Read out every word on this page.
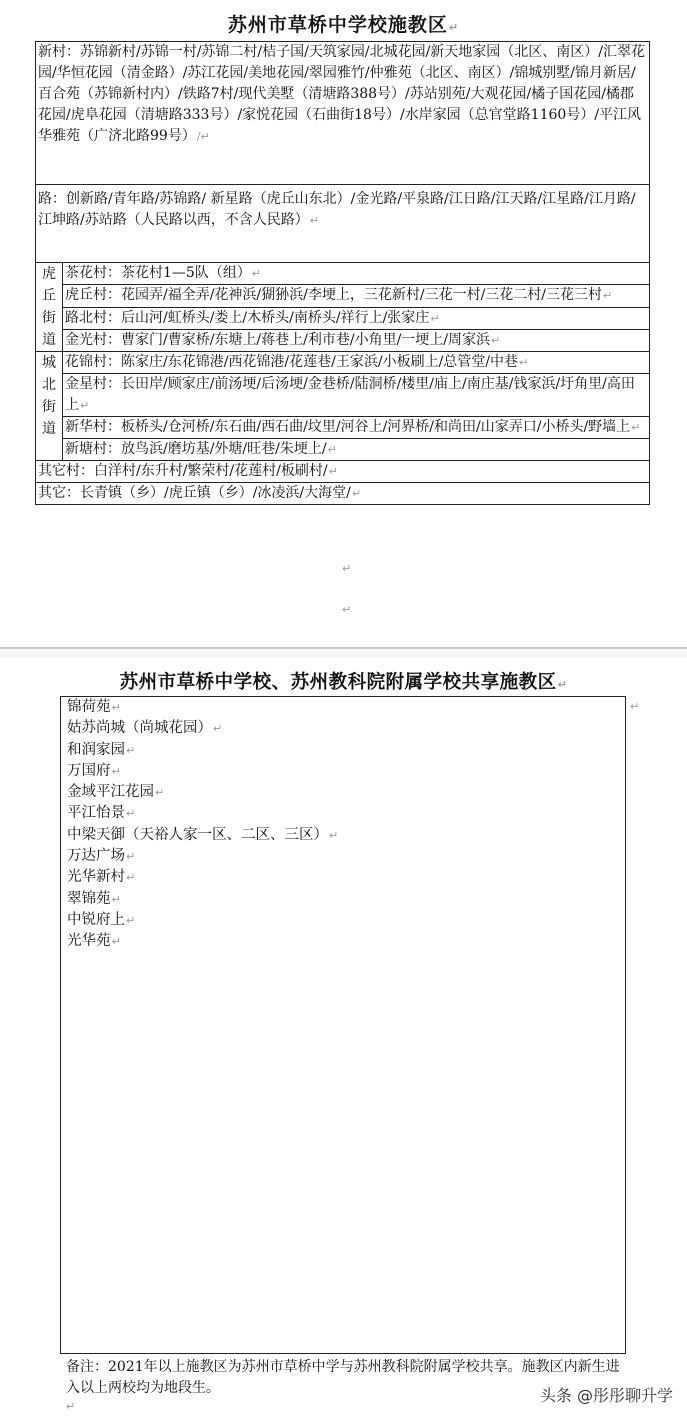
苏州市草桥中学校施教区↵
新村：苏锦新村/苏锦一村/苏锦二村/桔子国/天筑家园/北城花园/新天地家园（北区、南区）/汇翠花园/华恒花园（清金路）/苏江花园/美地花园/翠园雅竹/仲雅苑（北区、南区）/锦城别墅/锦月新居/百合苑（苏锦新村内）/铁路7村/现代美墅（清塘路388号）/苏站别苑/大观花园/橘子国花园/橘郡花园/虎阜花园（清塘路333号）/家悦花园（石曲街18号）/水岸家园（总官堂路1160号）/平江风华雅苑（广济北路99号）/↵	
路：创新路/青年路/苏锦路/ 新星路（虎丘山东北）/金光路/平泉路/江日路/江天路/江星路/江月路/江坤路/苏站路（人民路以西，不含人民路）↵	

虎
丘
街
道	茶花村：茶花村1—5队（组）↵
	虎丘村：花园弄/福全弄/花神浜/猢狲浜/李埂上，三花新村/三花一村/三花二村/三花三村↵
	路北村：后山河/虹桥头/娄上/木桥头/南桥头/祥行上/张家庄↵
	金光村：曹家门/曹家桥/东塘上/蒋巷上/利市巷/小角里/一埂上/周家浜↵

城
北
街
道	花锦村：陈家庄/东花锦港/西花锦港/花莲巷/王家浜/小板刷上/总管堂/中巷↵
	金星村：长田岸/顾家庄/前汤埂/后汤埂/金巷桥/陆洞桥/楼里/庙上/南庄基/钱家浜/圩角里/高田上↵
	新华村：板桥头/仓河桥/东石曲/西石曲/坟里/河谷上/河界桥/和尚田/山家弄口/小桥头/野墙上↵
	新塘村：放鸟浜/磨坊基/外塘/旺巷/朱埂上/↵
其它村：白洋村/东升村/繁荣村/花莲村/板刷村/↵	
其它：长青镇（乡）/虎丘镇（乡）/冰凌浜/大海堂/↵	
↵
↵
苏州市草桥中学校、苏州教科院附属学校共享施教区↵
锦荷苑↵
姑苏尚城（尚城花园）↵
和润家园↵
万国府↵
金域平江花园↵
平江怡景↵
中梁天御（天裕人家一区、二区、三区）↵
万达广场↵
光华新村↵
翠锦苑↵
中锐府上↵
光华苑↵
↵
备注：2021年以上施教区为苏州市草桥中学与苏州教科院附属学校共享。施教区内新生进入以上两校均为地段生。
↵
头条 @彤彤聊升学
